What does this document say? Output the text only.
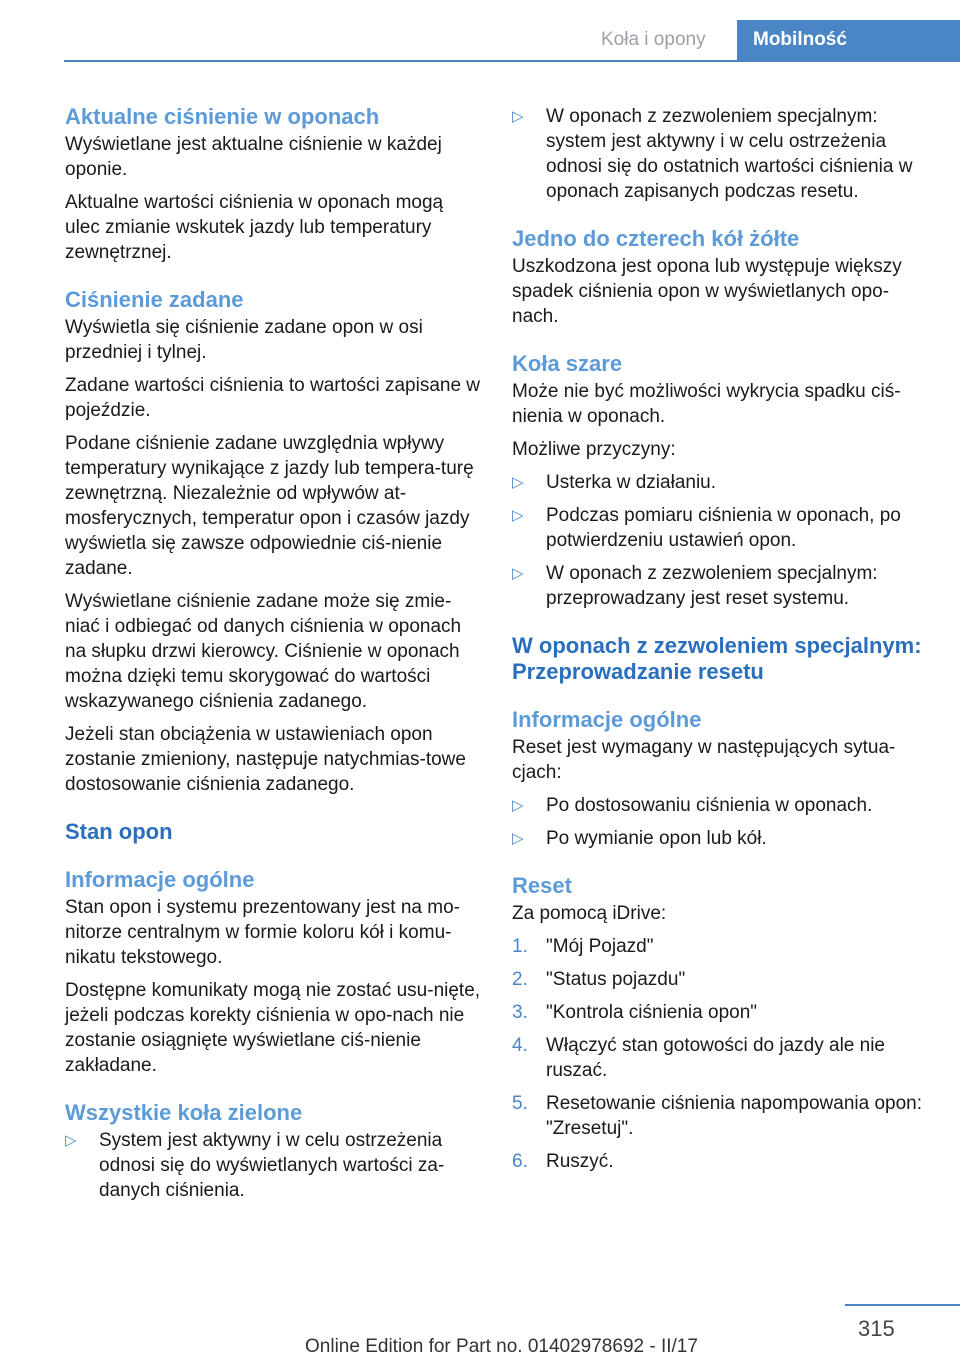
Koła i opony	Mobilność
Aktualne ciśnienie w oponach

Wyświetlane jest aktualne ciśnienie w każdej oponie.

Aktualne wartości ciśnienia w oponach mogą ulec zmianie wskutek jazdy lub temperatury zewnętrznej.

Ciśnienie zadane

Wyświetla się ciśnienie zadane opon w osi przedniej i tylnej.

Zadane wartości ciśnienia to wartości zapisane w pojeździe.

Podane ciśnienie zadane uwzględnia wpływy temperatury wynikające z jazdy lub tempera-turę zewnętrzną. Niezależnie od wpływów at-mosferycznych, temperatur opon i czasów jazdy wyświetla się zawsze odpowiednie ciś-nienie zadane.

Wyświetlane ciśnienie zadane może się zmie-niać i odbiegać od danych ciśnienia w oponach na słupku drzwi kierowcy. Ciśnienie w oponach można dzięki temu skorygować do wartości wskazywanego ciśnienia zadanego.

Jeżeli stan obciążenia w ustawieniach opon zostanie zmieniony, następuje natychmias-towe dostosowanie ciśnienia zadanego.

Stan opon
Informacje ogólne

Stan opon i systemu prezentowany jest na mo-nitorze centralnym w formie koloru kół i komu-nikatu tekstowego.

Dostępne komunikaty mogą nie zostać usu-nięte, jeżeli podczas korekty ciśnienia w opo-nach nie zostanie osiągnięte wyświetlane ciś-nienie zakładane.

Wszystkie koła zielone
▷ System jest aktywny i w celu ostrzeżenia odnosi się do wyświetlanych wartości za-danych ciśnienia.
▷ W oponach z zezwoleniem specjalnym: system jest aktywny i w celu ostrzeżenia odnosi się do ostatnich wartości ciśnienia w oponach zapisanych podczas resetu.
Jedno do czterech kół żółte

Uszkodzona jest opona lub występuje większy spadek ciśnienia opon w wyświetlanych opo-nach.

Koła szare

Może nie być możliwości wykrycia spadku ciś-nienia w oponach.

Możliwe przyczyny:

▷ Usterka w działaniu.
▷ Podczas pomiaru ciśnienia w oponach, po potwierdzeniu ustawień opon.
▷ W oponach z zezwoleniem specjalnym: przeprowadzany jest reset systemu.
W oponach z zezwoleniem specjalnym: Przeprowadzanie resetu
Informacje ogólne

Reset jest wymagany w następujących sytua-cjach:

▷ Po dostosowaniu ciśnienia w oponach.
▷ Po wymianie opon lub kół.
Reset

Za pomocą iDrive:

1. "Mój Pojazd"
2. "Status pojazdu"
3. "Kontrola ciśnienia opon"
4. Włączyć stan gotowości do jazdy ale nie ruszać.
5. Resetowanie ciśnienia napompowania opon: "Zresetuj".
6. Ruszyć.
315
Online Edition for Part no. 01402978692 - II/17
